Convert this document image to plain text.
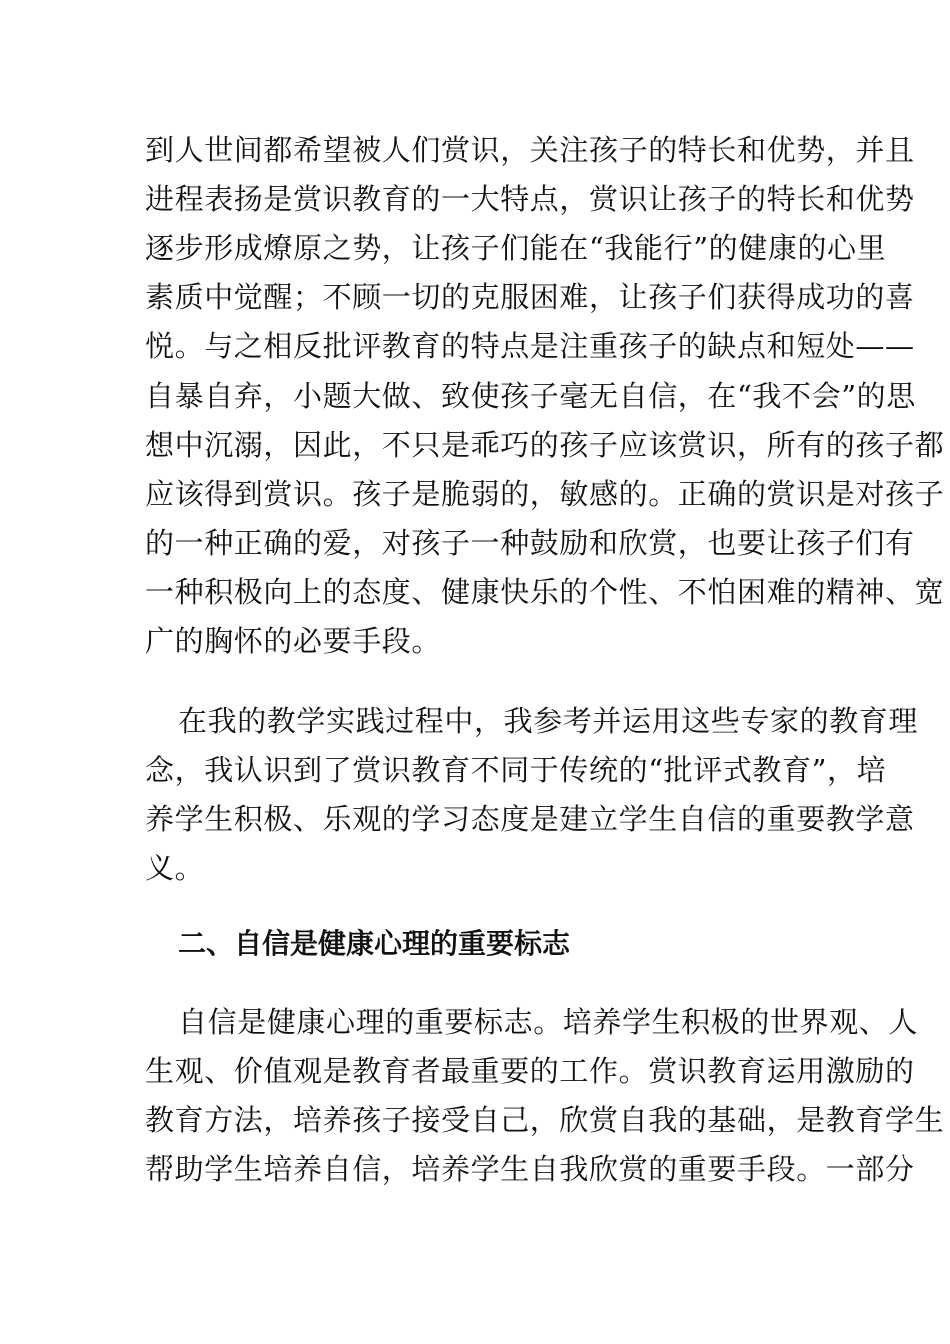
到人世间都希望被人们赏识，关注孩子的特长和优势，并且
进程表扬是赏识教育的一大特点，赏识让孩子的特长和优势
逐步形成燎原之势，让孩子们能在“我能行”的健康的心里
素质中觉醒；不顾一切的克服困难，让孩子们获得成功的喜
悦。与之相反批评教育的特点是注重孩子的缺点和短处——
自暴自弃，小题大做、致使孩子毫无自信，在“我不会”的思
想中沉溺，因此，不只是乖巧的孩子应该赏识，所有的孩子都
应该得到赏识。孩子是脆弱的，敏感的。正确的赏识是对孩子
的一种正确的爱，对孩子一种鼓励和欣赏，也要让孩子们有
一种积极向上的态度、健康快乐的个性、不怕困难的精神、宽
广的胸怀的必要手段。
在我的教学实践过程中，我参考并运用这些专家的教育理
念，我认识到了赏识教育不同于传统的“批评式教育”，培
养学生积极、乐观的学习态度是建立学生自信的重要教学意
义。
二、自信是健康心理的重要标志
自信是健康心理的重要标志。培养学生积极的世界观、人
生观、价值观是教育者最重要的工作。赏识教育运用激励的
教育方法，培养孩子接受自己，欣赏自我的基础，是教育学生
帮助学生培养自信，培养学生自我欣赏的重要手段。一部分
